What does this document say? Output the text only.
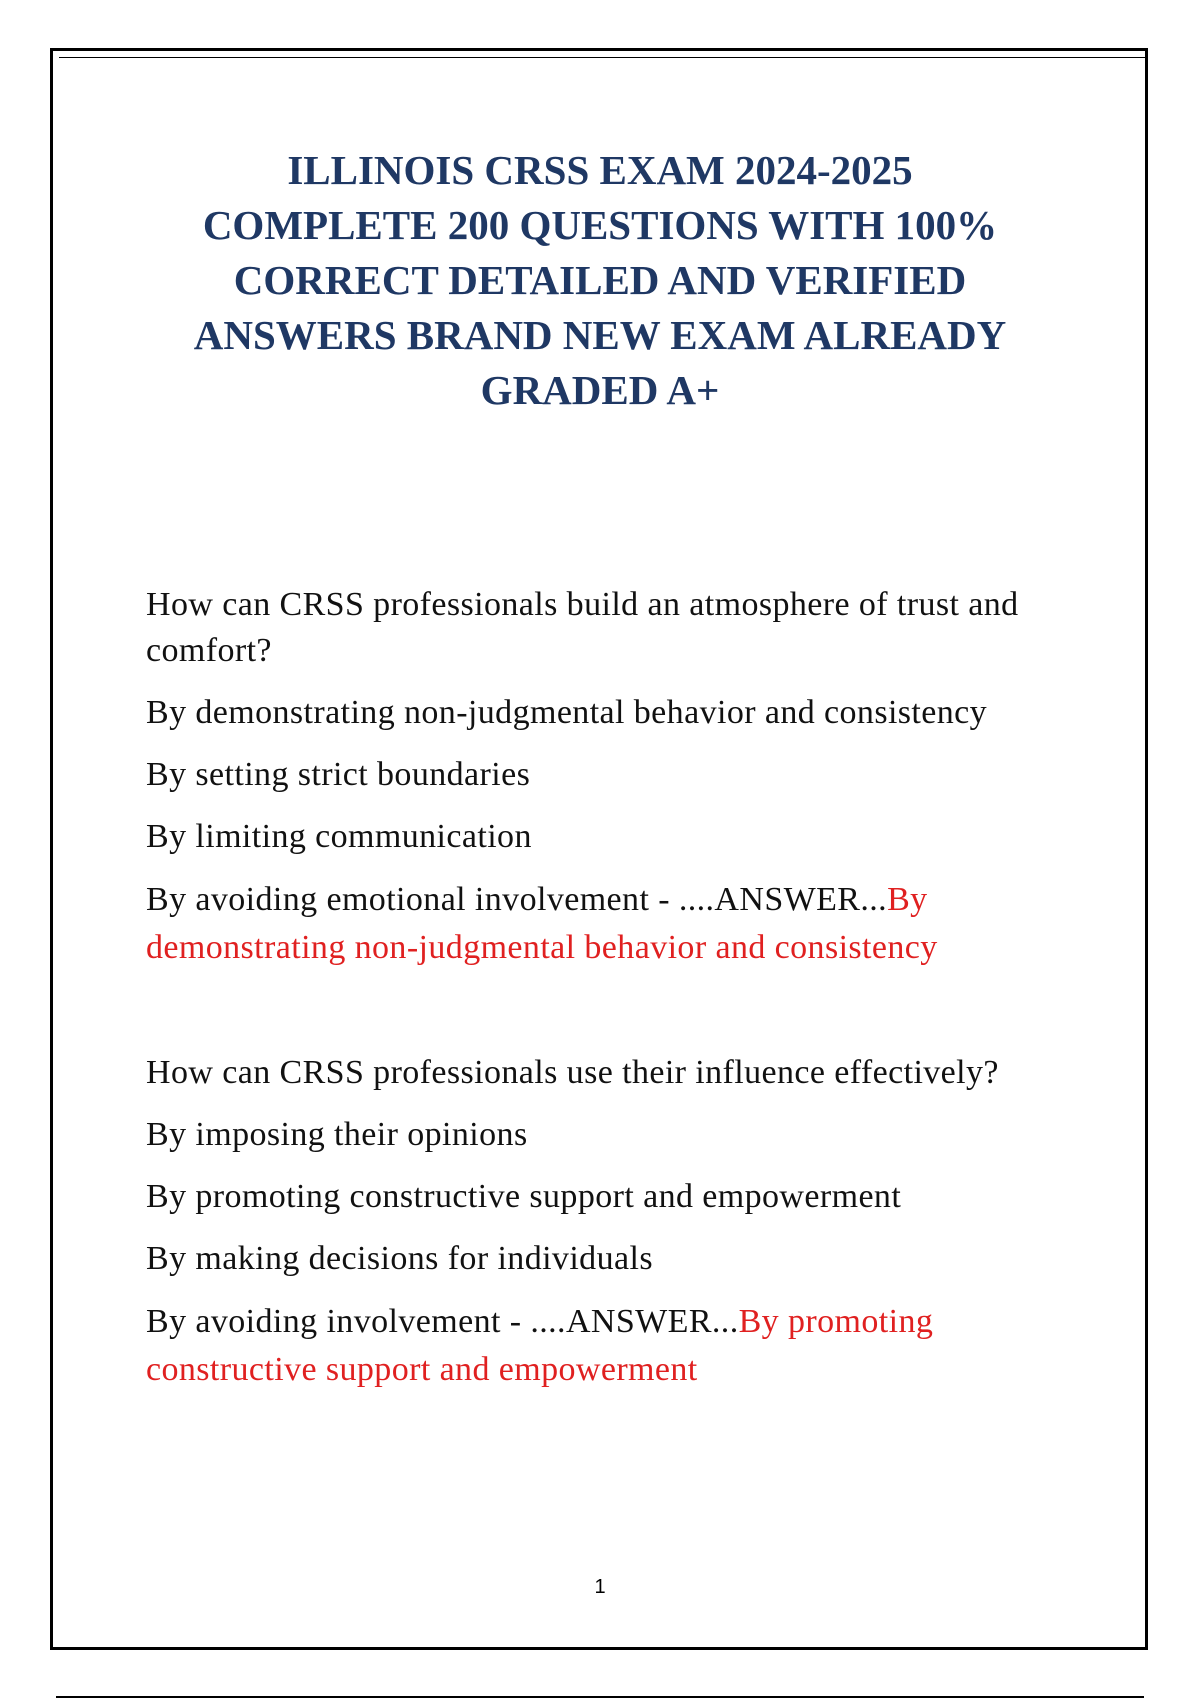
ILLINOIS CRSS EXAM 2024-2025
COMPLETE 200 QUESTIONS WITH 100%
CORRECT DETAILED AND VERIFIED
ANSWERS BRAND NEW EXAM ALREADY
GRADED A+
How can CRSS professionals build an atmosphere of trust and comfort?
By demonstrating non-judgmental behavior and consistency
By setting strict boundaries
By limiting communication
By avoiding emotional involvement - ....ANSWER...By demonstrating non-judgmental behavior and consistency
How can CRSS professionals use their influence effectively?
By imposing their opinions
By promoting constructive support and empowerment
By making decisions for individuals
By avoiding involvement - ....ANSWER...By promoting constructive support and empowerment
1
